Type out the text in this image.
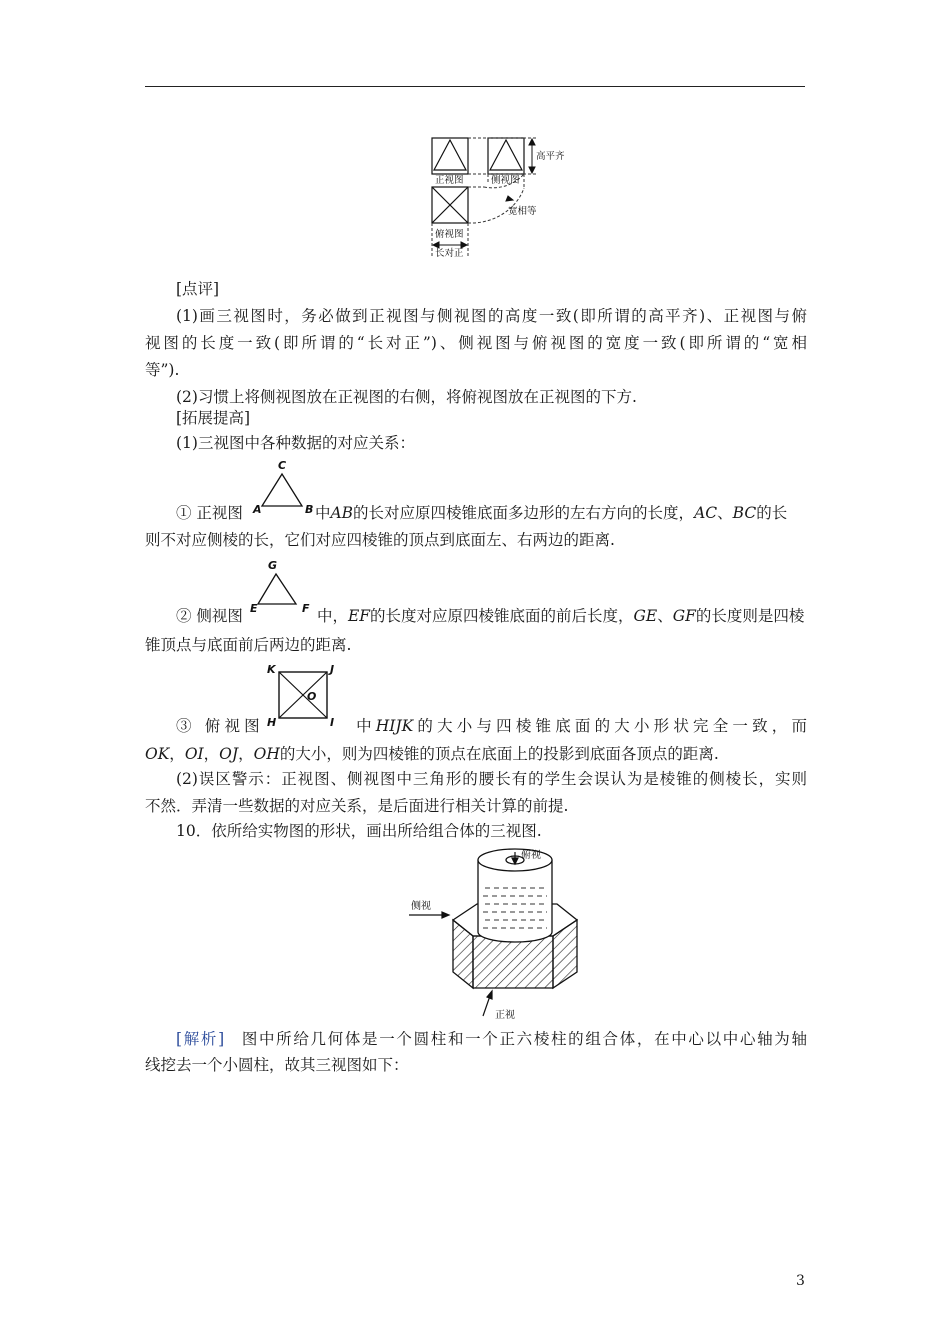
高平齐
正视图	侧视图
宽相等
俯视图
长对正
[点评]
(1)画三视图时，务必做到正视图与侧视图的高度一致(即所谓的高平齐)、正视图与俯
视图的长度一致(即所谓的“长对正”)、侧视图与俯视图的宽度一致(即所谓的“宽相
等”).
(2)习惯上将侧视图放在正视图的右侧，将俯视图放在正视图的下方.
[拓展提高]
(1)三视图中各种数据的对应关系：
C
A	B
① 正视图	中AB的长对应原四棱锥底面多边形的左右方向的长度，AC、BC的长
则不对应侧棱的长，它们对应四棱锥的顶点到底面左、右两边的距离.
G
E	F
② 侧视图	中，EF的长度对应原四棱锥底面的前后长度，GE、GF的长度则是四棱
锥顶点与底面前后两边的距离.
K	J
O
H	I
③ 俯视图	中HIJK的大小与四棱锥底面的大小形状完全一致，而
OK，OI，OJ，OH的大小，则为四棱锥的顶点在底面上的投影到底面各顶点的距离.
(2)误区警示：正视图、侧视图中三角形的腰长有的学生会误认为是棱锥的侧棱长，实则
不然．弄清一些数据的对应关系，是后面进行相关计算的前提.
10．依所给实物图的形状，画出所给组合体的三视图.
俯视
侧视
正视
[解析] 图中所给几何体是一个圆柱和一个正六棱柱的组合体，在中心以中心轴为轴
线挖去一个小圆柱，故其三视图如下：
3
